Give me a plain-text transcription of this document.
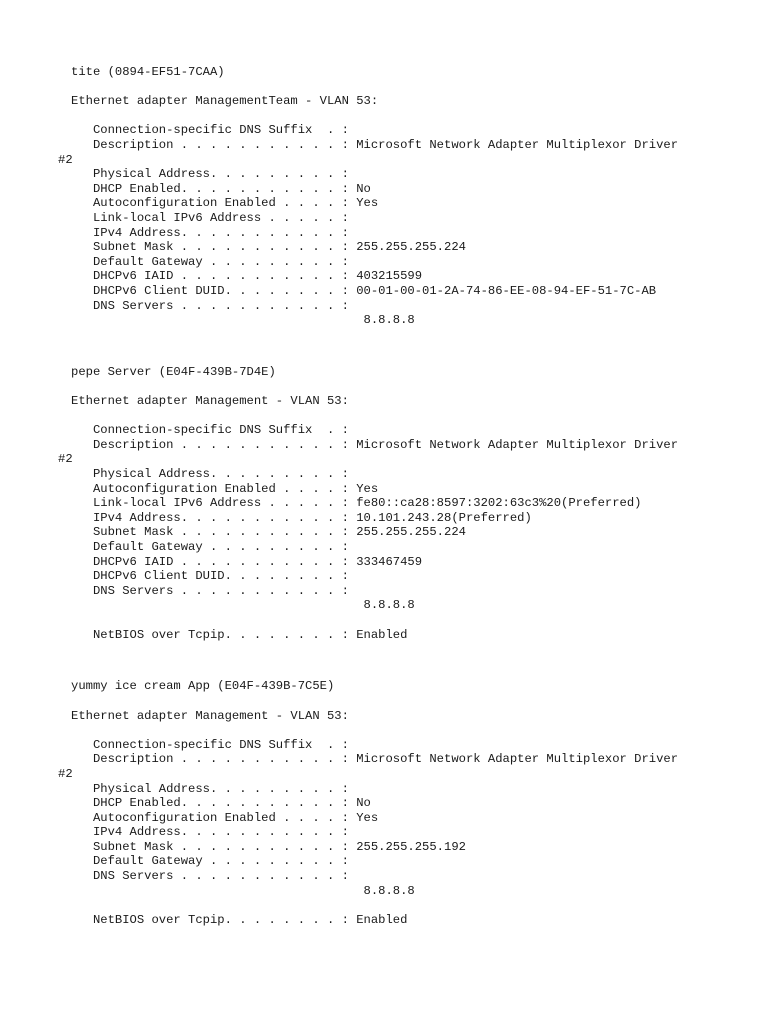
tite (0894-EF51-7CAA)
Ethernet adapter ManagementTeam - VLAN 53:
Connection-specific DNS Suffix  . :
Description . . . . . . . . . . . : Microsoft Network Adapter Multiplexor Driver
#2
Physical Address. . . . . . . . . :
DHCP Enabled. . . . . . . . . . . : No
Autoconfiguration Enabled . . . . : Yes
Link-local IPv6 Address . . . . . :
IPv4 Address. . . . . . . . . . . :
Subnet Mask . . . . . . . . . . . : 255.255.255.224
Default Gateway . . . . . . . . . :
DHCPv6 IAID . . . . . . . . . . . : 403215599
DHCPv6 Client DUID. . . . . . . . : 00-01-00-01-2A-74-86-EE-08-94-EF-51-7C-AB
DNS Servers . . . . . . . . . . . :
8.8.8.8
pepe Server (E04F-439B-7D4E)
Ethernet adapter Management - VLAN 53:
Connection-specific DNS Suffix  . :
Description . . . . . . . . . . . : Microsoft Network Adapter Multiplexor Driver
#2
Physical Address. . . . . . . . . :
Autoconfiguration Enabled . . . . : Yes
Link-local IPv6 Address . . . . . : fe80::ca28:8597:3202:63c3%20(Preferred)
IPv4 Address. . . . . . . . . . . : 10.101.243.28(Preferred)
Subnet Mask . . . . . . . . . . . : 255.255.255.224
Default Gateway . . . . . . . . . :
DHCPv6 IAID . . . . . . . . . . . : 333467459
DHCPv6 Client DUID. . . . . . . . :
DNS Servers . . . . . . . . . . . :
8.8.8.8
NetBIOS over Tcpip. . . . . . . . : Enabled
yummy ice cream App (E04F-439B-7C5E)
Ethernet adapter Management - VLAN 53:
Connection-specific DNS Suffix  . :
Description . . . . . . . . . . . : Microsoft Network Adapter Multiplexor Driver
#2
Physical Address. . . . . . . . . :
DHCP Enabled. . . . . . . . . . . : No
Autoconfiguration Enabled . . . . : Yes
IPv4 Address. . . . . . . . . . . :
Subnet Mask . . . . . . . . . . . : 255.255.255.192
Default Gateway . . . . . . . . . :
DNS Servers . . . . . . . . . . . :
8.8.8.8
NetBIOS over Tcpip. . . . . . . . : Enabled
